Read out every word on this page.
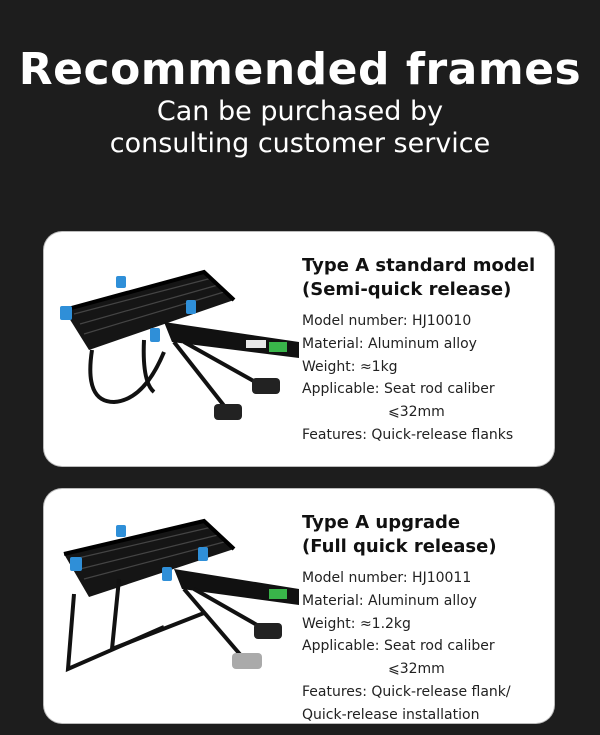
Recommended frames
Can be purchased by
consulting customer service
Type A standard model
(Semi-quick release)
Model number: HJ10010
Material: Aluminum alloy
Weight: ≈1kg
Applicable: Seat rod caliber
⩽32mm
Features: Quick-release flanks
Type A upgrade
(Full quick release)
Model number: HJ10011
Material: Aluminum alloy
Weight: ≈1.2kg
Applicable: Seat rod caliber
⩽32mm
Features: Quick-release flank/
Quick-release installation
